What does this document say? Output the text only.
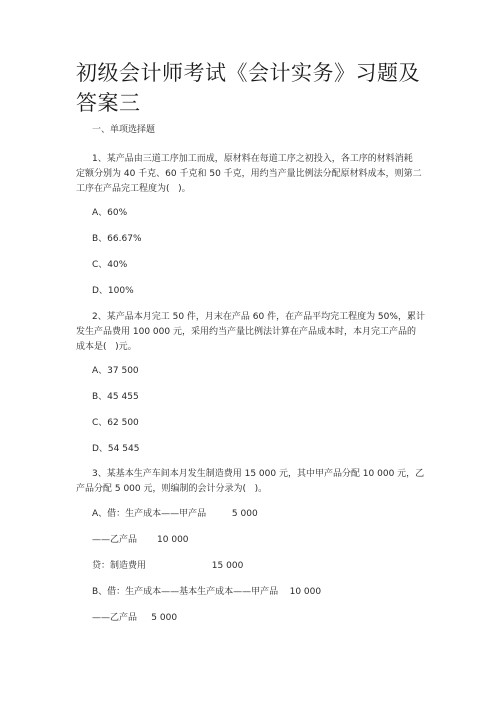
初级会计师考试《会计实务》习题及答案三
一、单项选择题
1、某产品由三道工序加工而成，原材料在每道工序之初投入，各工序的材料消耗
定额分别为 40 千克、60 千克和 50 千克，用约当产量比例法分配原材料成本，则第二
工序在产品完工程度为(   )。
A、60%
B、66.67%
C、40%
D、100%
2、某产品本月完工 50 件，月末在产品 60 件，在产品平均完工程度为 50%，累计
发生产品费用 100 000 元，采用约当产量比例法计算在产品成本时，本月完工产品的
成本是(   )元。
A、37 500
B、45 455
C、62 500
D、54 545
3、某基本生产车间本月发生制造费用 15 000 元，其中甲产品分配 10 000 元，乙
产品分配 5 000 元，则编制的会计分录为(   )。
A、借：生产成本——甲产品         5 000
——乙产品       10 000
贷：制造费用                       15 000
B、借：生产成本——基本生产成本——甲产品    10 000
——乙产品     5 000
